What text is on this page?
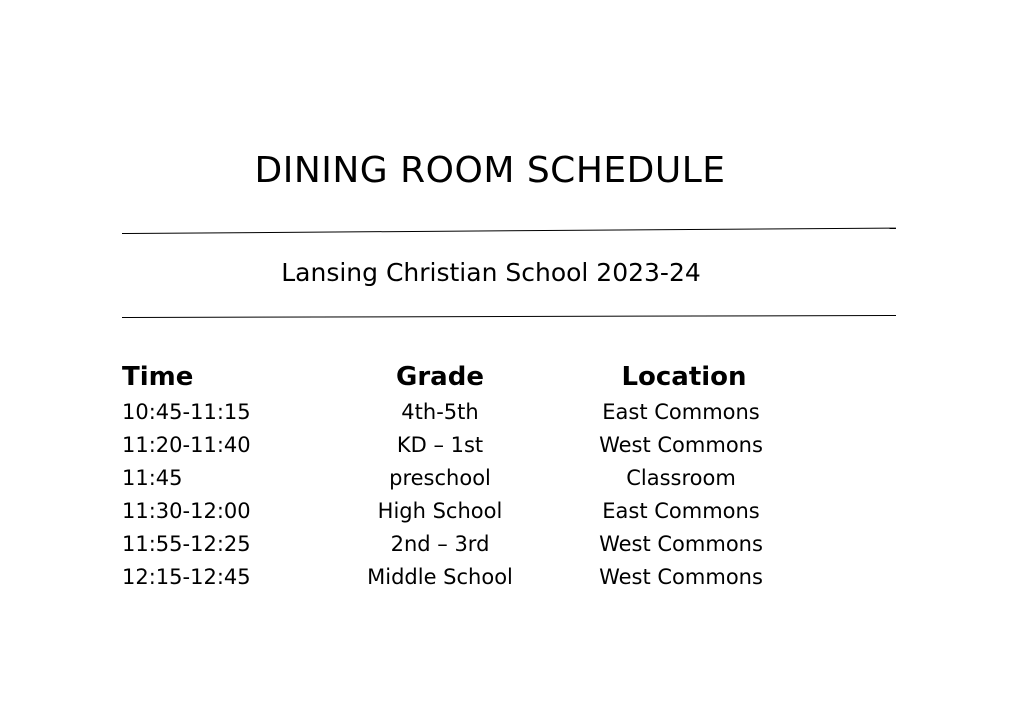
DINING ROOM SCHEDULE
Lansing Christian School 2023-24
Time	Grade	Location
10:45-11:15	4th-5th	East Commons
11:20-11:40	KD – 1st	West Commons
11:45	preschool	Classroom
11:30-12:00	High School	East Commons
11:55-12:25	2nd – 3rd	West Commons
12:15-12:45	Middle School	West Commons
